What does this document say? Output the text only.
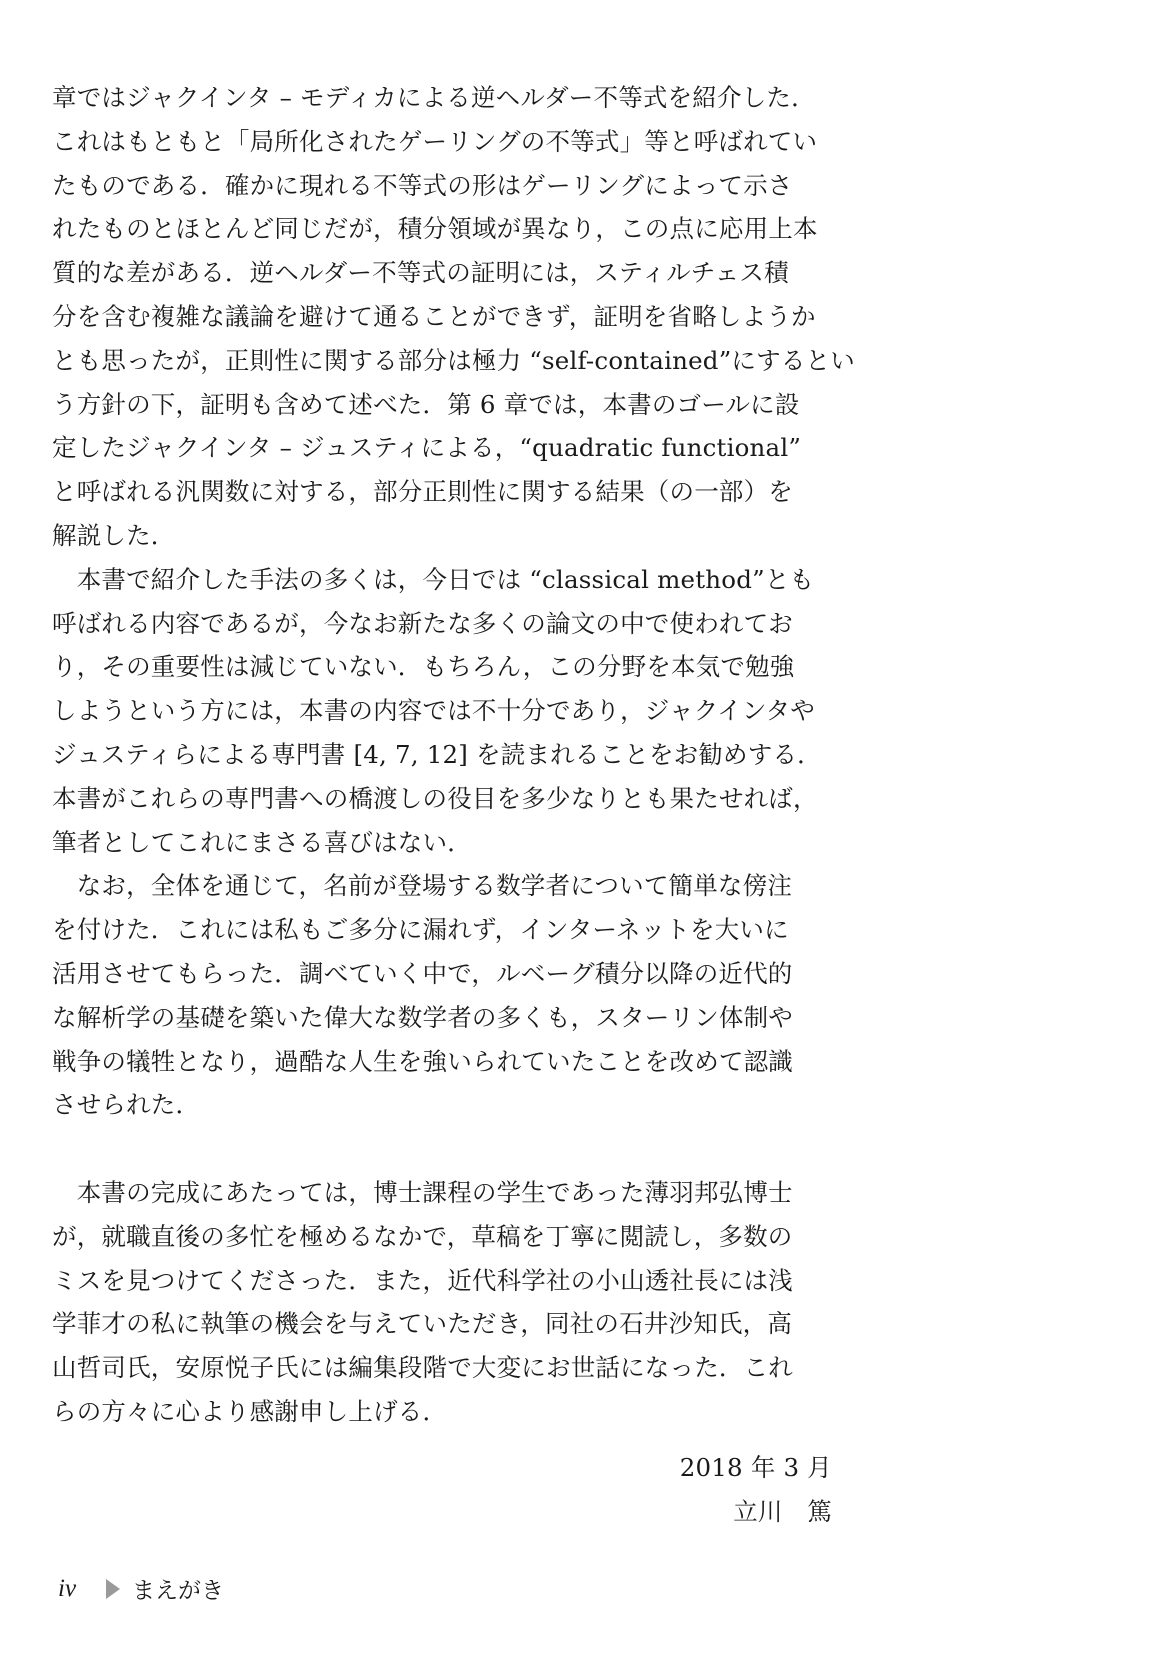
章ではジャクインタ – モディカによる逆ヘルダー不等式を紹介した．
これはもともと「局所化されたゲーリングの不等式」等と呼ばれてい
たものである．確かに現れる不等式の形はゲーリングによって示さ
れたものとほとんど同じだが，積分領域が異なり，この点に応用上本
質的な差がある．逆ヘルダー不等式の証明には，スティルチェス積
分を含む複雑な議論を避けて通ることができず，証明を省略しようか
とも思ったが，正則性に関する部分は極力 “self-contained”にするとい
う方針の下，証明も含めて述べた．第 6 章では，本書のゴールに設
定したジャクインタ – ジュスティによる，“quadratic functional”
と呼ばれる汎関数に対する，部分正則性に関する結果（の一部）を
解説した．
　本書で紹介した手法の多くは，今日では “classical method”とも
呼ばれる内容であるが，今なお新たな多くの論文の中で使われてお
り，その重要性は減じていない．もちろん，この分野を本気で勉強
しようという方には，本書の内容では不十分であり，ジャクインタや
ジュスティらによる専門書 [4, 7, 12] を読まれることをお勧めする．
本書がこれらの専門書への橋渡しの役目を多少なりとも果たせれば，
筆者としてこれにまさる喜びはない．
　なお，全体を通じて，名前が登場する数学者について簡単な傍注
を付けた．これには私もご多分に漏れず，インターネットを大いに
活用させてもらった．調べていく中で，ルベーグ積分以降の近代的
な解析学の基礎を築いた偉大な数学者の多くも，スターリン体制や
戦争の犠牲となり，過酷な人生を強いられていたことを改めて認識
させられた．
　本書の完成にあたっては，博士課程の学生であった薄羽邦弘博士
が，就職直後の多忙を極めるなかで，草稿を丁寧に閲読し，多数の
ミスを見つけてくださった．また，近代科学社の小山透社長には浅
学菲才の私に執筆の機会を与えていただき，同社の石井沙知氏，高
山哲司氏，安原悦子氏には編集段階で大変にお世話になった．これ
らの方々に心より感謝申し上げる．
2018 年 3 月
立川　篤
iv まえがき
